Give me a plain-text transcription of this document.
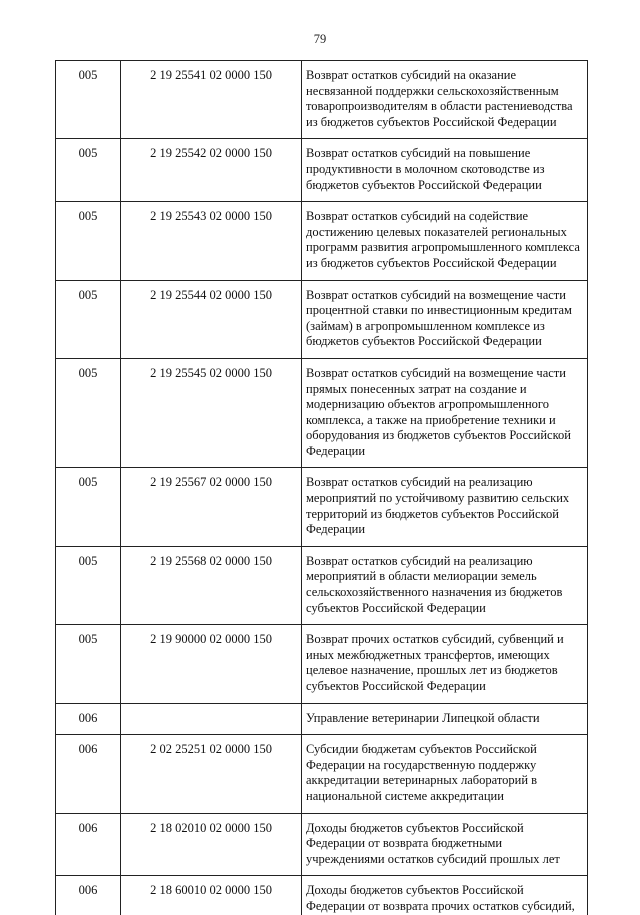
79
005	2 19 25541 02 0000 150	Возврат остатков субсидий на оказание несвязанной поддержки сельскохозяйственным товаропроизводителям в области растениеводства из бюджетов субъектов Российской Федерации
005	2 19 25542 02 0000 150	Возврат остатков субсидий на повышение продуктивности в молочном скотоводстве из бюджетов субъектов Российской Федерации
005	2 19 25543 02 0000 150	Возврат остатков субсидий на содействие достижению целевых показателей региональных программ развития агропромышленного комплекса из бюджетов субъектов Российской Федерации
005	2 19 25544 02 0000 150	Возврат остатков субсидий на возмещение части процентной ставки по инвестиционным кредитам (займам) в агропромышленном комплексе из бюджетов субъектов Российской Федерации
005	2 19 25545 02 0000 150	Возврат остатков субсидий на возмещение части прямых понесенных затрат на создание и модернизацию объектов агропромышленного комплекса, а также на приобретение техники и оборудования из бюджетов субъектов Российской Федерации
005	2 19 25567 02 0000 150	Возврат остатков субсидий на реализацию мероприятий по устойчивому развитию сельских территорий из бюджетов субъектов Российской Федерации
005	2 19 25568 02 0000 150	Возврат остатков субсидий на реализацию мероприятий в области мелиорации земель сельскохозяйственного назначения из бюджетов субъектов Российской Федерации
005	2 19 90000 02 0000 150	Возврат прочих остатков субсидий, субвенций и иных межбюджетных трансфертов, имеющих целевое назначение, прошлых лет из бюджетов субъектов Российской Федерации
006		Управление ветеринарии Липецкой области
006	2 02 25251 02 0000 150	Субсидии бюджетам субъектов Российской Федерации на государственную поддержку аккредитации ветеринарных лабораторий в национальной системе аккредитации
006	2 18 02010 02 0000 150	Доходы бюджетов субъектов Российской Федерации от возврата бюджетными учреждениями остатков субсидий прошлых лет
006	2 18 60010 02 0000 150	Доходы бюджетов субъектов Российской Федерации от возврата прочих остатков субсидий,
